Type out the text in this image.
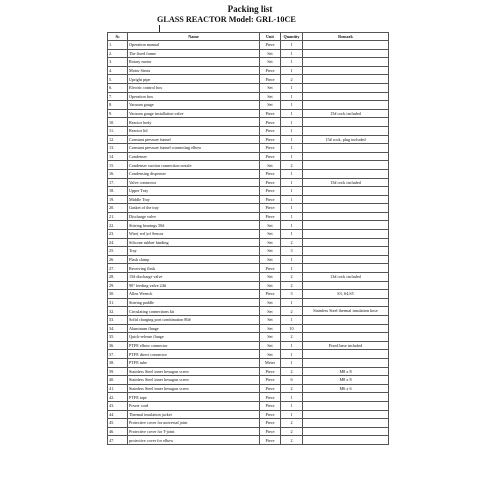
Packing list
GLASS REACTOR Model: GRL-10CE
№	Name	Unit	Quantity	Remark
1.	Operation manual	Piece	1	
2.	The fixed frame	Set	1	
3.	Rotary motor	Set	1	
4.	Motor Struts	Piece	1	
5.	Upright pipe	Piece	2	
6.	Electric control box	Set	1	
7.	Operation box	Set	1	
8.	Vacuum gauge	Set	1	
9.	Vacuum gauge installation valve	Piece	1	15# cock included
10.	Reactor body	Piece	1	
11.	Reactor lid	Piece	1	
12.	Constant pressure funnel	Piece	1	15# cock, plug included
13.	Constant pressure funnel connecting elbow	Piece	1	
14.	Condenser	Piece	1	
15.	Condenser suction connection nozzle	Set	2	
16.	Condensing dispenser	Piece	1	
17.	Valve connector	Piece	1	15# cock included
18.	Upper Tray	Piece	1	
19.	Middle Tray	Piece	1	
20.	Gasket of the tray	Piece	1	
21.	Discharge valve	Piece	1	
22.	Stirring bearings 50#	Set	1	
23.	Wire( red )of Sensor	Set	1	
24.	Silicone rubber binding	Set	2	
25.	Tray	Set	3	
26.	Flask clamp	Set	1	
27.	Receiving flask	Piece	1	
28.	15# discharge valve	Set	2	13# cock included
29.	90° feeding valve 24#	Set	2	
30.	Allen Wrench	Piece	3	S3, S4,S5
31.	Stirring paddle	Set	1	
32.	Circulating connections kit	Set	2	Stainless Steel thermal insulation hose
33.	Solid charging port combination 80#	Set	1	
34.	Aluminum flange	Set	10	
35.	Quick-release flange	Set	2	
36.	PTFE elbow connector	Set	1	Fixed base included
37.	PTFE direct connector	Set	1	
38.	PTFE tube	Meter	1	
39.	Stainless Steel inner hexagon screw	Piece	2	M8 x 8
40.	Stainless Steel inner hexagon screw	Piece	6	M8 x 8
41.	Stainless Steel inner hexagon screw	Piece	2	M6 x 6
42.	PTFE tape	Piece	1	
43.	Power cord	Piece	1	
44.	Thermal insulation jacket	Piece	1	
45.	Protective cover for universal joint	Piece	2	
46.	Protective cover for T-joint	Piece	2	
47.	protective cover for elbow	Piece	2	
